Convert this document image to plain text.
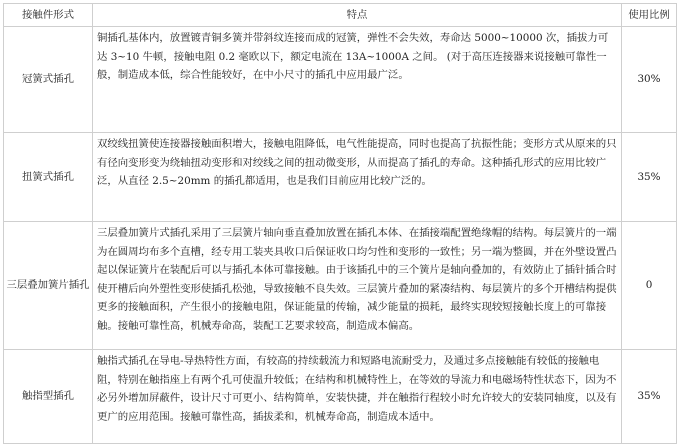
接触件形式	特点	使用比例
冠簧式插孔	铜插孔基体内，放置镀青铜多簧并带斜纹连接而成的冠簧，弹性不会失效，寿命达 5000~10000 次，插拔力可达 3~10 牛顿，接触电阻 0.2 毫欧以下，额定电流在 13A~1000A 之间。 (对于高压连接器来说接触可靠性一般，制造成本低，综合性能较好，在中小尺寸的插孔中应用最广泛。	30%
扭簧式插孔	双绞线扭簧使连接器接触面积增大，接触电阻降低，电气性能提高，同时也提高了抗振性能；变形方式从原来的只有径向变形变为绕轴扭动变形和对绞线之间的扭动微变形，从而提高了插孔的寿命。这种插孔形式的应用比较广泛，从直径 2.5~20mm 的插孔都适用，也是我们目前应用比较广泛的。	35%
三层叠加簧片插孔	三层叠加簧片式插孔采用了三层簧片轴向垂直叠加放置在插孔本体、在插接端配置绝缘帽的结构。每层簧片的一端为在圆周均布多个直槽，经专用工装夹具收口后保证收口均匀性和变形的一致性；另一端为整圆，并在外壁设置凸起以保证簧片在装配后可以与插孔本体可靠接触。由于该插孔中的三个簧片是轴向叠加的，有效防止了插针插合时使开槽后向外塑性变形使插孔松弛，导致接触不良失效。三层簧片叠加的紧凑结构、每层簧片的多个开槽结构提供更多的接触面积，产生很小的接触电阻，保证能量的传输，减少能量的损耗，最终实现较短接触长度上的可靠接触。接触可靠性高，机械寿命高，装配工艺要求较高，制造成本偏高。	0
触指型插孔	触指式插孔在导电-导热特性方面，有较高的持续载流力和短路电流耐受力，及通过多点接触能有较低的接触电阻，特别在触指座上有两个孔可使温升较低；在结构和机械特性上，在等效的导流力和电磁场特性状态下，因为不必另外增加屏蔽件，设计尺寸可更小、结构简单，安装快捷，并在触指行程较小时允许较大的安装同轴度，以及有更广的应用范围。接触可靠性高，插拔柔和，机械寿命高，制造成本适中。	35%
